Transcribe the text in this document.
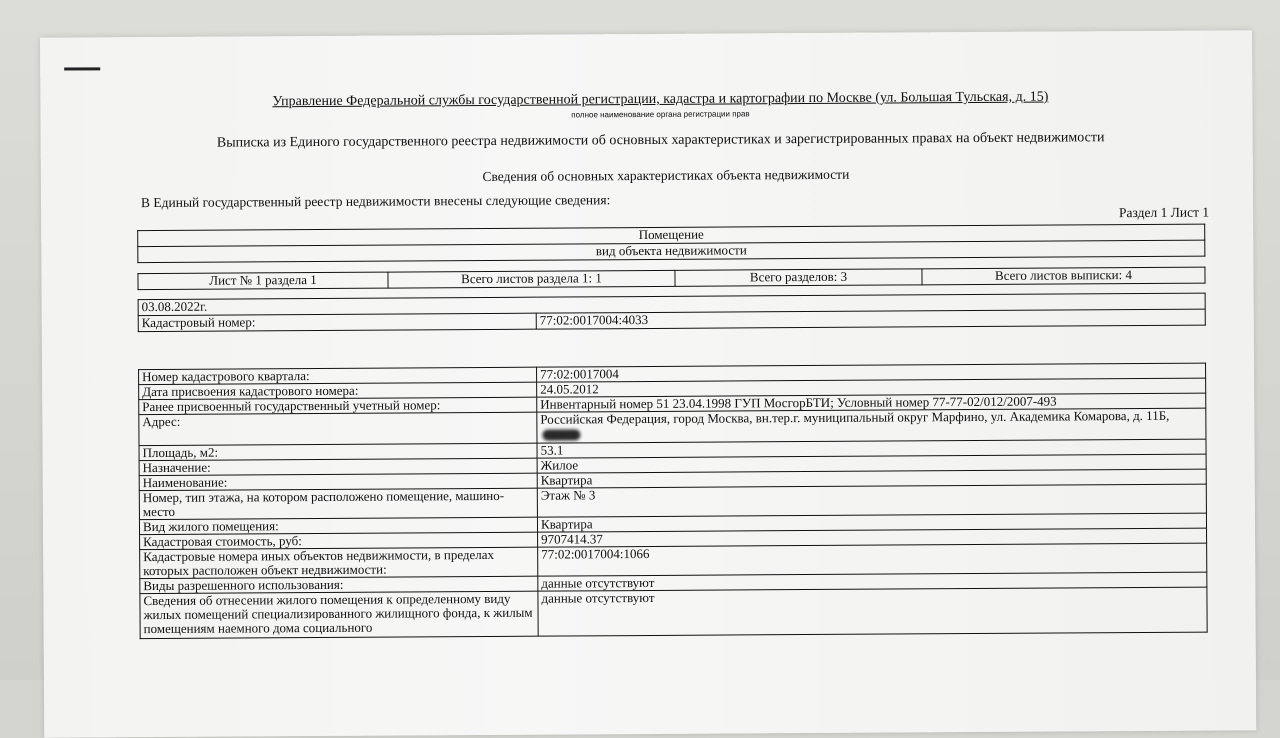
Управление Федеральной службы государственной регистрации, кадастра и картографии по Москве (ул. Большая Тульская, д. 15)
полное наименование органа регистрации прав
Выписка из Единого государственного реестра недвижимости об основных характеристиках и зарегистрированных правах на объект недвижимости
Сведения об основных характеристиках объекта недвижимости
В Единый государственный реестр недвижимости внесены следующие сведения:
Раздел 1 Лист 1
Помещение
вид объекта недвижимости
Лист № 1 раздела 1	Всего листов раздела 1: 1	Всего разделов: 3	Всего листов выписки: 4
03.08.2022г.
Кадастровый номер:	77:02:0017004:4033
Номер кадастрового квартала:	77:02:0017004
Дата присвоения кадастрового номера:	24.05.2012
Ранее присвоенный государственный учетный номер:	Инвентарный номер 51 23.04.1998 ГУП МосгорБТИ; Условный номер 77-77-02/012/2007-493
Адрес:	Российская Федерация, город Москва, вн.тер.г. муниципальный округ Марфино, ул. Академика Комарова, д. 11Б,
Площадь, м2:	53.1
Назначение:	Жилое
Наименование:	Квартира
Номер, тип этажа, на котором расположено помещение, машино-место	Этаж № 3
Вид жилого помещения:	Квартира
Кадастровая стоимость, руб:	9707414.37
Кадастровые номера иных объектов недвижимости, в пределах которых расположен объект недвижимости:	77:02:0017004:1066
Виды разрешенного использования:	данные отсутствуют
Сведения об отнесении жилого помещения к определенному виду жилых помещений специализированного жилищного фонда, к жилым помещениям наемного дома социального	данные отсутствуют
